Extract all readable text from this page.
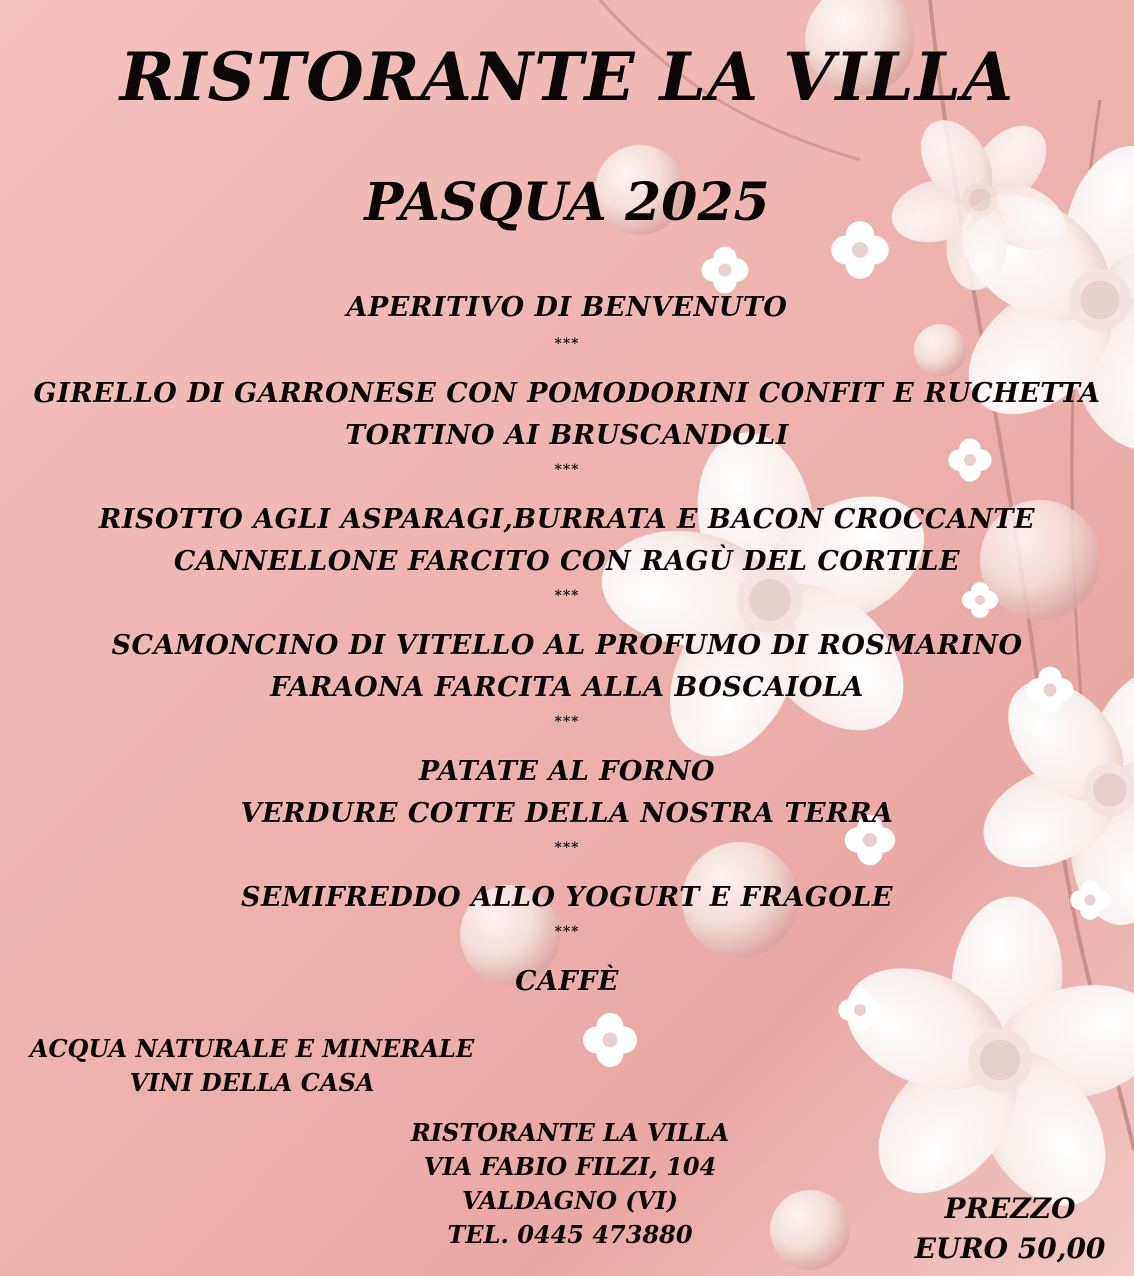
RISTORANTE LA VILLA
PASQUA 2025
APERITIVO DI BENVENUTO
***
GIRELLO DI GARRONESE CON POMODORINI CONFIT E RUCHETTA
TORTINO AI BRUSCANDOLI
***
RISOTTO AGLI ASPARAGI,BURRATA E BACON CROCCANTE
CANNELLONE FARCITO CON RAGÙ DEL CORTILE
***
SCAMONCINO DI VITELLO AL PROFUMO DI ROSMARINO
FARAONA FARCITA ALLA BOSCAIOLA
***
PATATE AL FORNO
VERDURE COTTE DELLA NOSTRA TERRA
***
SEMIFREDDO ALLO YOGURT E FRAGOLE
***
CAFFÈ
ACQUA NATURALE E MINERALE
VINI DELLA CASA
RISTORANTE LA VILLA
VIA FABIO FILZI, 104
VALDAGNO (VI)
TEL. 0445 473880
PREZZO
EURO 50,00
